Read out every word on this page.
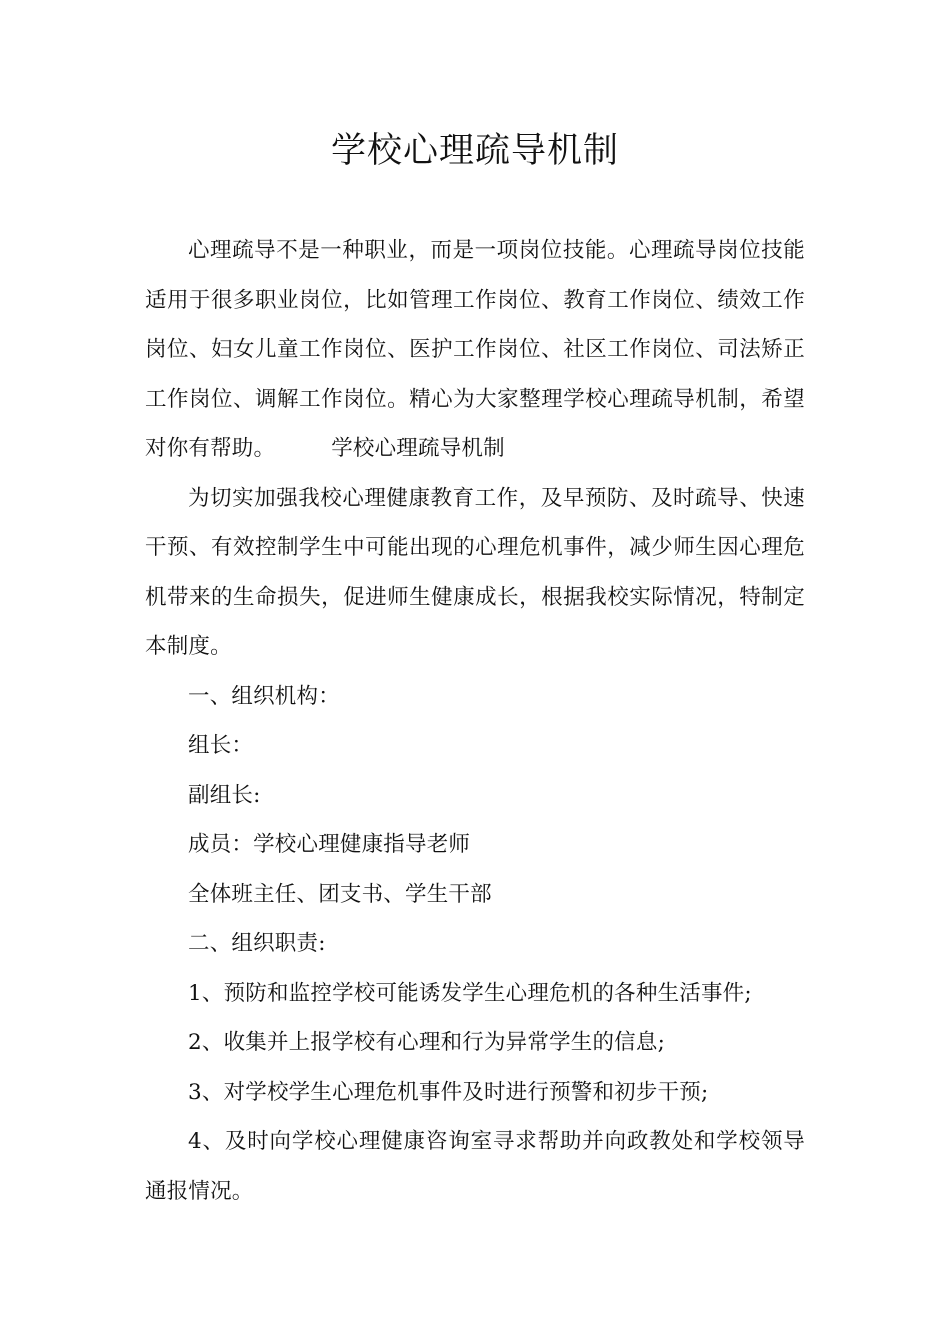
学校心理疏导机制

心理疏导不是一种职业，而是一项岗位技能。心理疏导岗位技能适用于很多职业岗位，比如管理工作岗位、教育工作岗位、绩效工作岗位、妇女儿童工作岗位、医护工作岗位、社区工作岗位、司法矫正工作岗位、调解工作岗位。精心为大家整理学校心理疏导机制，希望对你有帮助。	学校心理疏导机制

为切实加强我校心理健康教育工作，及早预防、及时疏导、快速干预、有效控制学生中可能出现的心理危机事件，减少师生因心理危机带来的生命损失，促进师生健康成长，根据我校实际情况，特制定本制度。

一、组织机构：

组长：

副组长:

成员：学校心理健康指导老师

全体班主任、团支书、学生干部

二、组织职责:

1、预防和监控学校可能诱发学生心理危机的各种生活事件;

2、收集并上报学校有心理和行为异常学生的信息;

3、对学校学生心理危机事件及时进行预警和初步干预;

4、及时向学校心理健康咨询室寻求帮助并向政教处和学校领导通报情况。
